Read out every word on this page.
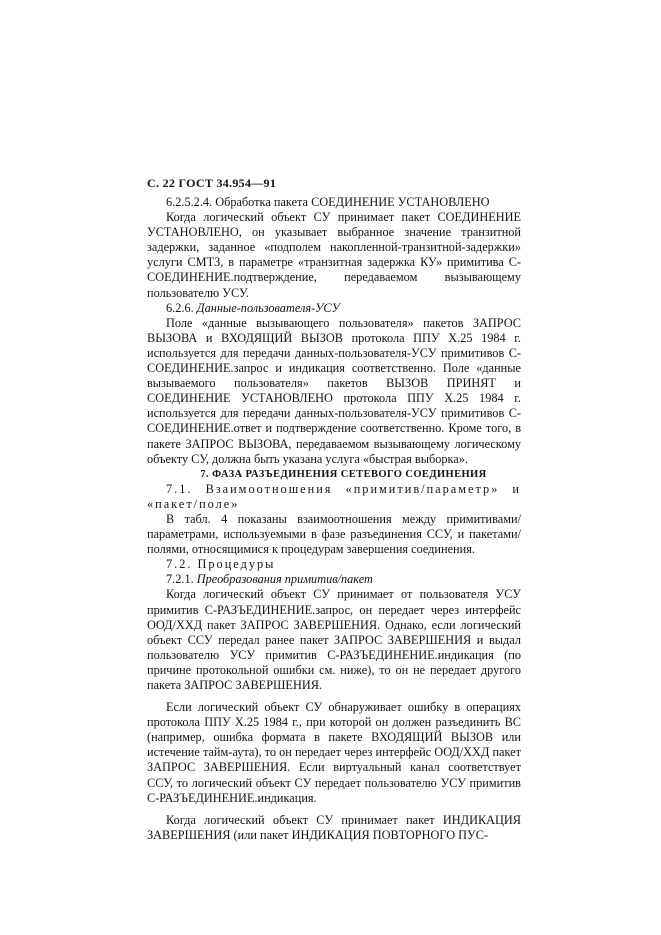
С. 22 ГОСТ 34.954—91

6.2.5.2.4. Обработка пакета СОЕДИНЕНИЕ УСТАНОВЛЕНО

Когда логический объект СУ принимает пакет СОЕДИНЕНИЕ УСТАНОВЛЕНО, он указывает выбранное значение транзитной задержки, заданное «подполем накопленной-транзитной-задержки» услуги СМТЗ, в параметре «транзитная задержка КУ» примитива С-СОЕДИНЕНИЕ.подтверждение, передаваемом вызывающему пользователю УСУ.

6.2.6. Данные-пользователя-УСУ

Поле «данные вызывающего пользователя» пакетов ЗАПРОС ВЫЗОВА и ВХОДЯЩИЙ ВЫЗОВ протокола ППУ Х.25 1984 г. используется для передачи данных-пользователя-УСУ примитивов С-СОЕДИНЕНИЕ.запрос и индикация соответственно. Поле «данные вызываемого пользователя» пакетов ВЫЗОВ ПРИНЯТ и СОЕДИНЕНИЕ УСТАНОВЛЕНО протокола ППУ Х.25 1984 г. используется для передачи данных-пользователя-УСУ примитивов С-СОЕДИНЕНИЕ.ответ и подтверждение соответственно. Кроме того, в пакете ЗАПРОС ВЫЗОВА, передаваемом вызывающему логическому объекту СУ, должна быть указана услуга «быстрая выборка».

7. ФАЗА РАЗЪЕДИНЕНИЯ СЕТЕВОГО СОЕДИНЕНИЯ

7.1. Взаимоотношения «примитив/параметр» и «пакет/поле»

В табл. 4 показаны взаимоотношения между примитивами/параметрами, используемыми в фазе разъединения ССУ, и пакетами/полями, относящимися к процедурам завершения соединения.

7.2. Процедуры

7.2.1. Преобразования примитив/пакет

Когда логический объект СУ принимает от пользователя УСУ примитив С-РАЗЪЕДИНЕНИЕ.запрос, он передает через интерфейс ООД/ХХД пакет ЗАПРОС ЗАВЕРШЕНИЯ. Однако, если логический объект ССУ передал ранее пакет ЗАПРОС ЗАВЕРШЕНИЯ и выдал пользователю УСУ примитив С-РАЗЪЕДИНЕНИЕ.индикация (по причине протокольной ошибки см. ниже), то он не передает другого пакета ЗАПРОС ЗАВЕРШЕНИЯ.

Если логический объект СУ обнаруживает ошибку в операциях протокола ППУ Х.25 1984 г., при которой он должен разъединить ВС (например, ошибка формата в пакете ВХОДЯЩИЙ ВЫЗОВ или истечение тайм-аута), то он передает через интерфейс ООД/ХХД пакет ЗАПРОС ЗАВЕРШЕНИЯ. Если виртуальный канал соответствует ССУ, то логический объект СУ передает пользователю УСУ примитив С-РАЗЪЕДИНЕНИЕ.индикация.

Когда логический объект СУ принимает пакет ИНДИКАЦИЯ ЗАВЕРШЕНИЯ (или пакет ИНДИКАЦИЯ ПОВТОРНОГО ПУС-
